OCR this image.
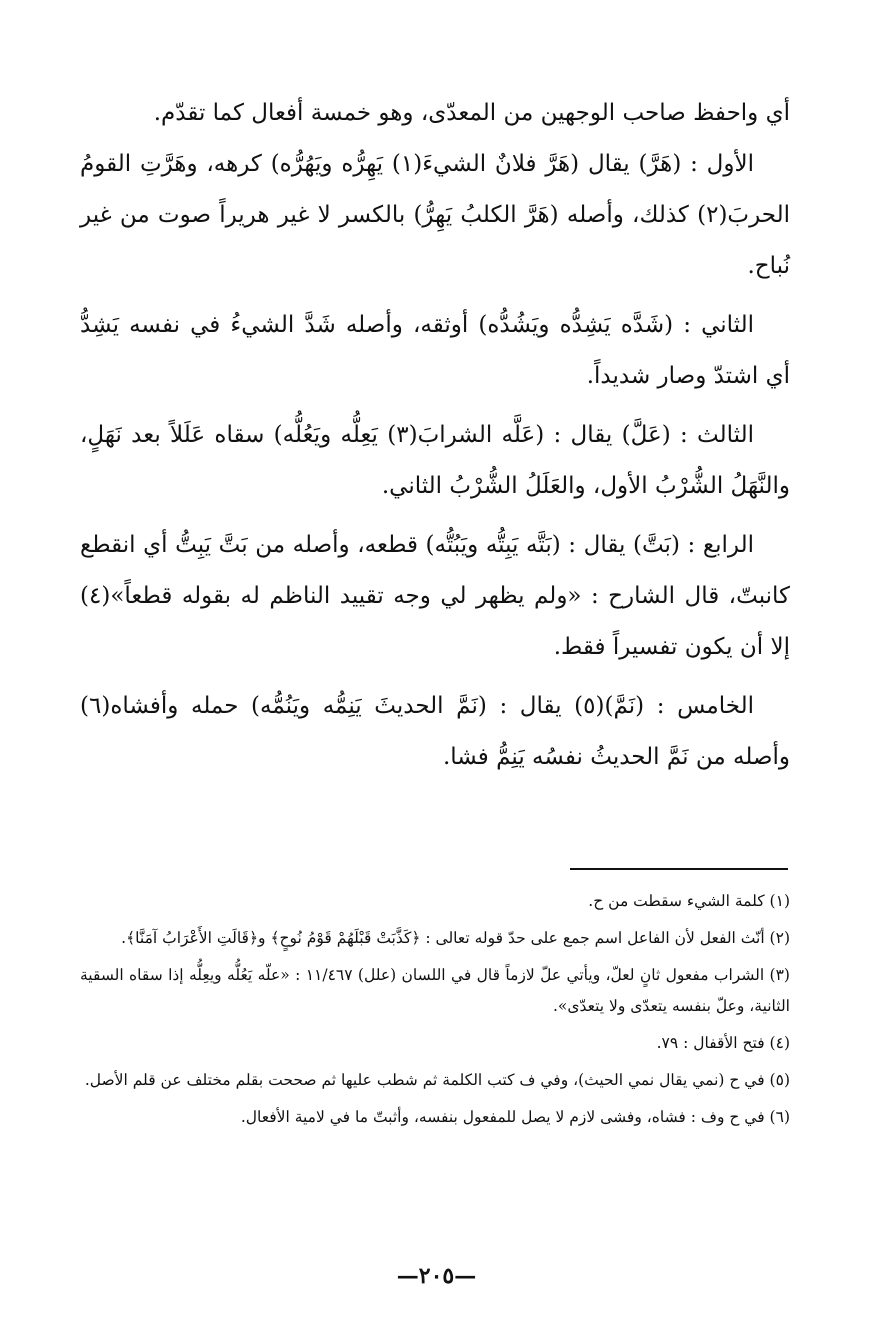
أي واحفظ صاحب الوجهين من المعدّى، وهو خمسة أفعال كما تقدّم.

الأول : (هَرَّ) يقال (هَرَّ فلانٌ الشيءَ(١) يَهِرُّه ويَهُرُّه) كرهه، وهَرَّتِ القومُ الحربَ(٢) كذلك، وأصله (هَرَّ الكلبُ يَهِرُّ) بالكسر لا غير هريراً صوت من غير نُباح.

الثاني : (شَدَّه يَشِدُّه ويَشُدُّه) أوثقه، وأصله شَدَّ الشيءُ في نفسه يَشِدُّ أي اشتدّ وصار شديداً.

الثالث : (عَلَّ) يقال : (عَلَّه الشرابَ(٣) يَعِلُّه ويَعُلُّه) سقاه عَلَلاً بعد نَهَلٍ، والنَّهَلُ الشُّرْبُ الأول، والعَلَلُ الشُّرْبُ الثاني.

الرابع : (بَتَّ) يقال : (بَتَّه يَبِتُّه ويَبُتُّه) قطعه، وأصله من بَتَّ يَبِتُّ أي انقطع كانبتّ، قال الشارح : «ولم يظهر لي وجه تقييد الناظم له بقوله قطعاً»(٤) إلا أن يكون تفسيراً فقط.

الخامس : (نَمَّ)(٥) يقال : (نَمَّ الحديثَ يَنِمُّه ويَنُمُّه) حمله وأفشاه(٦) وأصله من نَمَّ الحديثُ نفسُه يَنِمُّ فشا.

(١) كلمة الشيء سقطت من ح.

(٢) أنّث الفعل لأن الفاعل اسم جمع على حدّ قوله تعالى : ﴿كَذَّبَتْ قَبْلَهُمْ قَوْمُ نُوحٍ﴾ و﴿قَالَتِ الأَعْرَابُ آمَنَّا﴾.

(٣) الشراب مفعول ثانٍ لعلّ، ويأتي علّ لازماً قال في اللسان (علل) ١١/٤٦٧ : «علّه يَعُلُّه ويعِلُّه إذا سقاه السقية الثانية، وعلّ بنفسه يتعدّى ولا يتعدّى».

(٤) فتح الأقفال : ٧٩.

(٥) في ح (نمي يقال نمي الحيث)، وفي ف كتب الكلمة ثم شطب عليها ثم صححت بقلم مختلف عن قلم الأصل.

(٦) في ح وف : فشاه، وفشى لازم لا يصل للمفعول بنفسه، وأثبتّ ما في لامية الأفعال.

—٢٠٥—
